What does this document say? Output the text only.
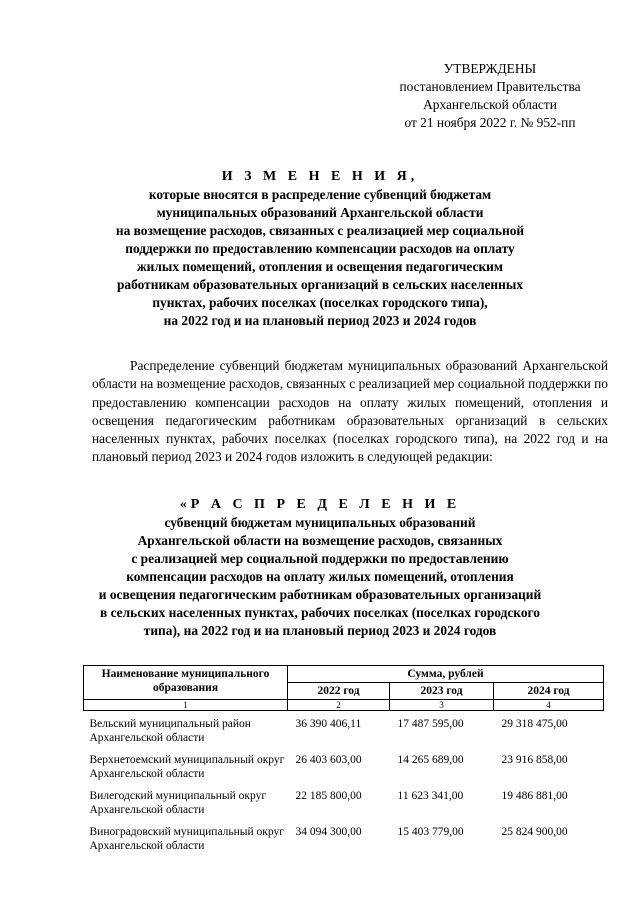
УТВЕРЖДЕНЫ
постановлением Правительства
Архангельской области
от 21 ноября 2022 г. № 952-пп
И З М Е Н Е Н И Я,
которые вносятся в распределение субвенций бюджетам
муниципальных образований Архангельской области
на возмещение расходов, связанных с реализацией мер социальной
поддержки по предоставлению компенсации расходов на оплату
жилых помещений, отопления и освещения педагогическим
работникам образовательных организаций в сельских населенных
пунктах, рабочих поселках (поселках городского типа),
на 2022 год и на плановый период 2023 и 2024 годов
Распределение субвенций бюджетам муниципальных образований Архангельской области на возмещение расходов, связанных с реализацией мер социальной поддержки по предоставлению компенсации расходов на оплату жилых помещений, отопления и освещения педагогическим работникам образовательных организаций в сельских населенных пунктах, рабочих поселках (поселках городского типа), на 2022 год и на плановый период 2023 и 2024 годов изложить в следующей редакции:
«Р А С П Р Е Д Е Л Е Н И Е
субвенций бюджетам муниципальных образований
Архангельской области на возмещение расходов, связанных
с реализацией мер социальной поддержки по предоставлению
компенсации расходов на оплату жилых помещений, отопления
и освещения педагогическим работникам образовательных организаций
в сельских населенных пунктах, рабочих поселках (поселках городского
типа), на 2022 год и на плановый период 2023 и 2024 годов
Наименование муниципального образования	Сумма, рублей		
	2022 год	2023 год	2024 год
1	2	3	4
Вельский муниципальный район Архангельской области	36 390 406,11	17 487 595,00	29 318 475,00
Верхнетоемский муниципальный округ Архангельской области	26 403 603,00	14 265 689,00	23 916 858,00
Вилегодский муниципальный округ Архангельской области	22 185 800,00	11 623 341,00	19 486 881,00
Виноградовский муниципальный округ Архангельской области	34 094 300,00	15 403 779,00	25 824 900,00
